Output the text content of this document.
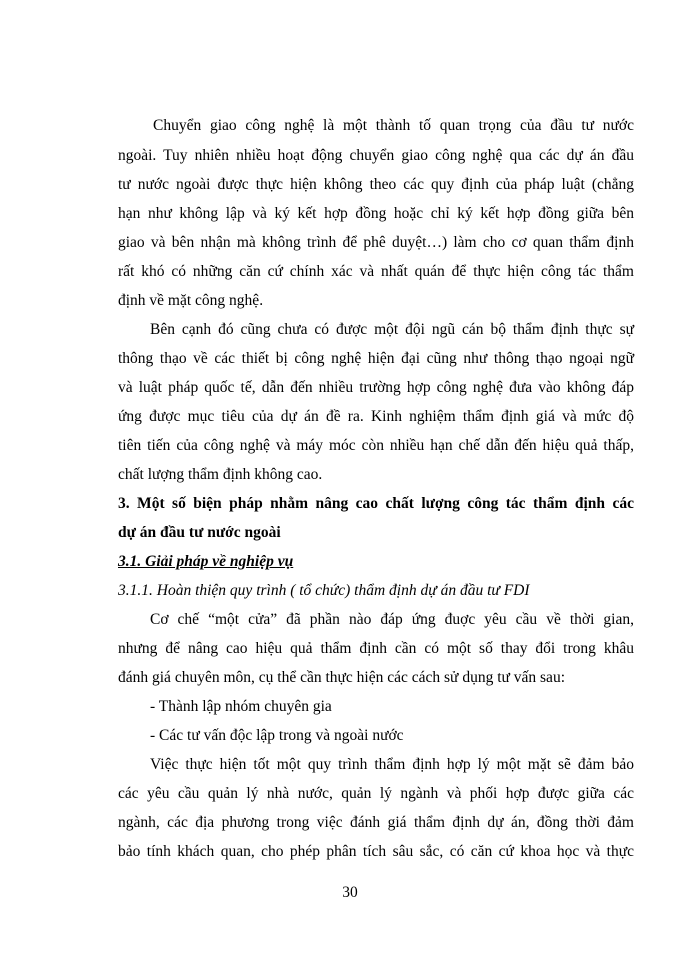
Chuyển giao công nghệ là một thành tố quan trọng của đầu tư nước
ngoài. Tuy nhiên nhiều hoạt động chuyển giao công nghệ qua các dự án đầu
tư nước ngoài được thực hiện không theo các quy định của pháp luật (chẳng
hạn như không lập và ký kết hợp đồng hoặc chỉ ký kết hợp đồng giữa bên
giao và bên nhận mà không trình để phê duyệt…) làm cho cơ quan thẩm định
rất khó có những căn cứ chính xác và nhất quán để thực hiện công tác thẩm
định về mặt công nghệ.
Bên cạnh đó cũng chưa có được một đội ngũ cán bộ thẩm định thực sự
thông thạo về các thiết bị công nghệ hiện đại cũng như thông thạo ngoại ngữ
và luật pháp quốc tế, dẫn đến nhiều trường hợp công nghệ đưa vào không đáp
ứng được mục tiêu của dự án đề ra. Kinh nghiệm thẩm định giá và mức độ
tiên tiến của công nghệ và máy móc còn nhiều hạn chế dẫn đến hiệu quả thấp,
chất lượng thẩm định không cao.
3. Một số biện pháp nhằm nâng cao chất lượng công tác thẩm định các
dự án đầu tư nước ngoài
3.1. Giải pháp về nghiệp vụ
3.1.1. Hoàn thiện quy trình ( tổ chức) thẩm định dự án đầu tư FDI
Cơ chế “một cửa” đã phần nào đáp ứng đuợc yêu cầu về thời gian,
nhưng để nâng cao hiệu quả thẩm định cần có một số thay đổi trong khâu
đánh giá chuyên môn, cụ thể cần thực hiện các cách sử dụng tư vấn sau:
- Thành lập nhóm chuyên gia
- Các tư vấn độc lập trong và ngoài nước
Việc thực hiện tốt một quy trình thẩm định hợp lý một mặt sẽ đảm bảo
các yêu cầu quản lý nhà nước, quản lý ngành và phối hợp được giữa các
ngành, các địa phương trong việc đánh giá thẩm định dự án, đồng thời đảm
bảo tính khách quan, cho phép phân tích sâu sắc, có căn cứ khoa học và thực
30
